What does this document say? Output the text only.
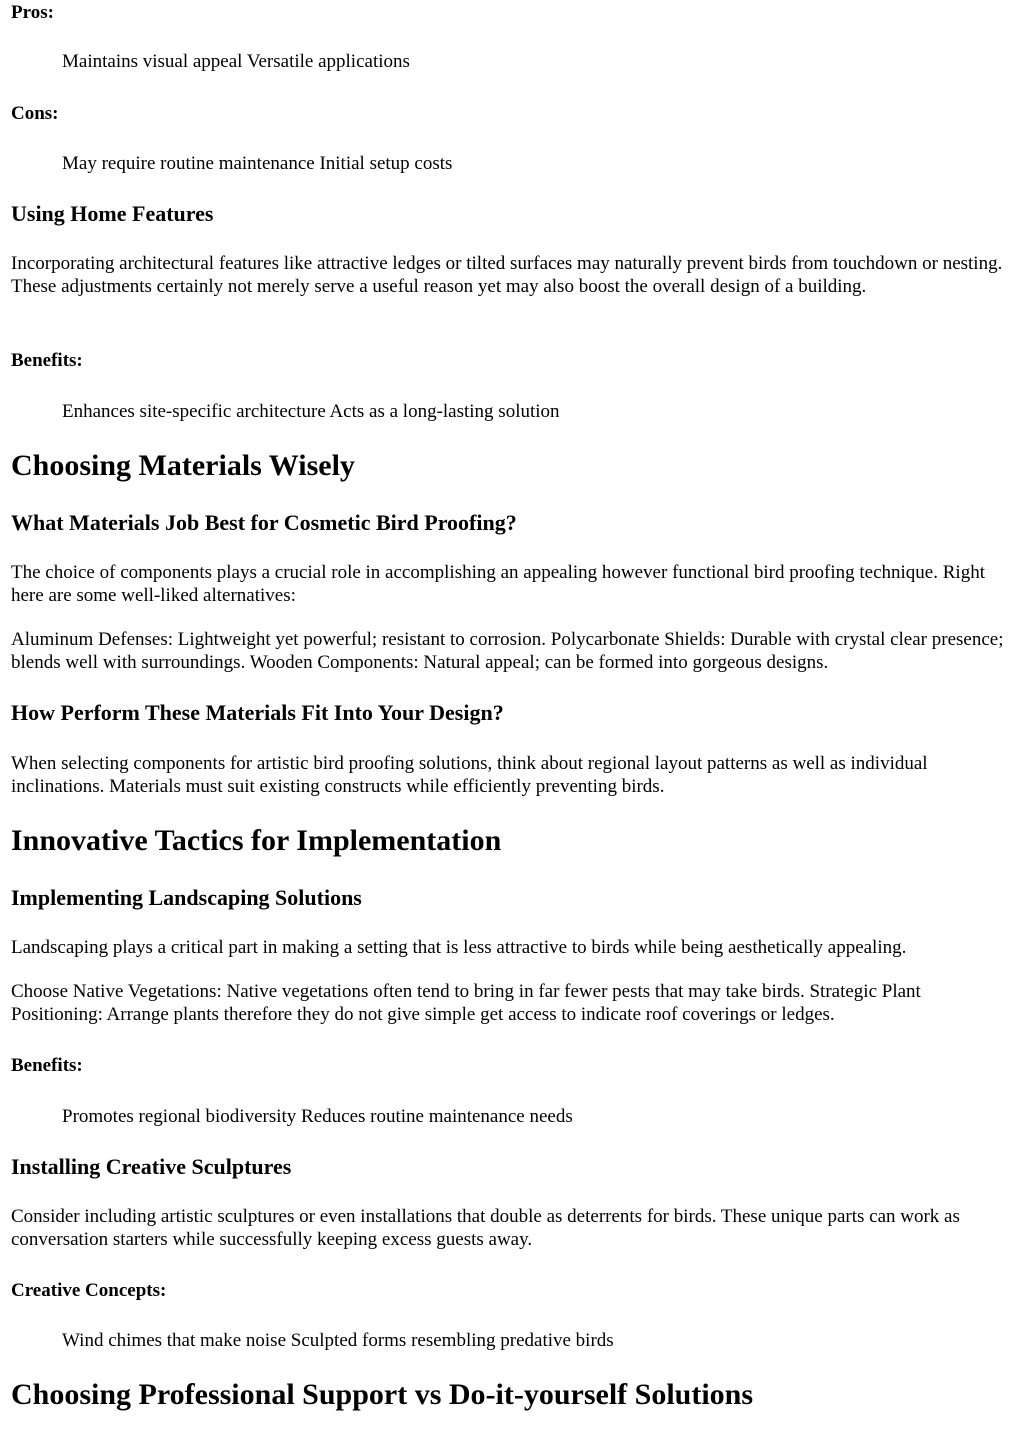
Pros:

Maintains visual appeal Versatile applications

Cons:

May require routine maintenance Initial setup costs

Using Home Features

Incorporating architectural features like attractive ledges or tilted surfaces may naturally prevent birds from touchdown or nesting. These adjustments certainly not merely serve a useful reason yet may also boost the overall design of a building.

Benefits:

Enhances site-specific architecture Acts as a long-lasting solution

Choosing Materials Wisely
What Materials Job Best for Cosmetic Bird Proofing?

The choice of components plays a crucial role in accomplishing an appealing however functional bird proofing technique. Right here are some well-liked alternatives:

Aluminum Defenses: Lightweight yet powerful; resistant to corrosion. Polycarbonate Shields: Durable with crystal clear presence; blends well with surroundings. Wooden Components: Natural appeal; can be formed into gorgeous designs.

How Perform These Materials Fit Into Your Design?

When selecting components for artistic bird proofing solutions, think about regional layout patterns as well as individual inclinations. Materials must suit existing constructs while efficiently preventing birds.

Innovative Tactics for Implementation
Implementing Landscaping Solutions

Landscaping plays a critical part in making a setting that is less attractive to birds while being aesthetically appealing.

Choose Native Vegetations: Native vegetations often tend to bring in far fewer pests that may take birds. Strategic Plant Positioning: Arrange plants therefore they do not give simple get access to indicate roof coverings or ledges.

Benefits:

Promotes regional biodiversity Reduces routine maintenance needs

Installing Creative Sculptures

Consider including artistic sculptures or even installations that double as deterrents for birds. These unique parts can work as conversation starters while successfully keeping excess guests away.

Creative Concepts:

Wind chimes that make noise Sculpted forms resembling predative birds

Choosing Professional Support vs Do-it-yourself Solutions
